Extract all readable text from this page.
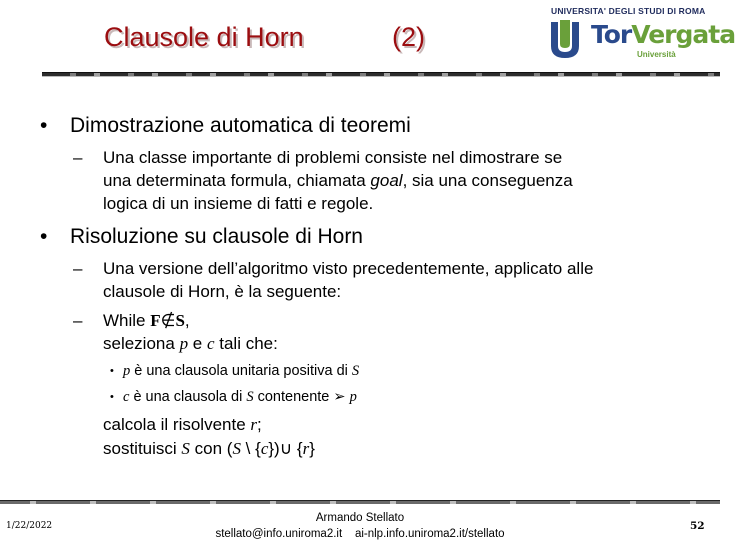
Clausole di Horn

	(2)

UNIVERSITA' DEGLI STUDI DI ROMA
TorVergata
Università
• Dimostrazione automatica di teoremi
– Una classe importante di problemi consiste nel dimostrare se
una determinata formula, chiamata goal, sia una conseguenza
logica di un insieme di fatti e regole.
• Risoluzione su clausole di Horn
– Una versione dell’algoritmo visto precedentemente, applicato alle
clausole di Horn, è la seguente:
– While F∉S,
seleziona p e c tali che:
• p è una clausola unitaria positiva di S
• c è una clausola di S contenente ➢ p
calcola il risolvente r;
sostituisci S con (S \ {c})∪ {r}
1/22/2022
Armando Stellato
stellato@info.uniroma2.it    ai-nlp.info.uniroma2.it/stellato
52
